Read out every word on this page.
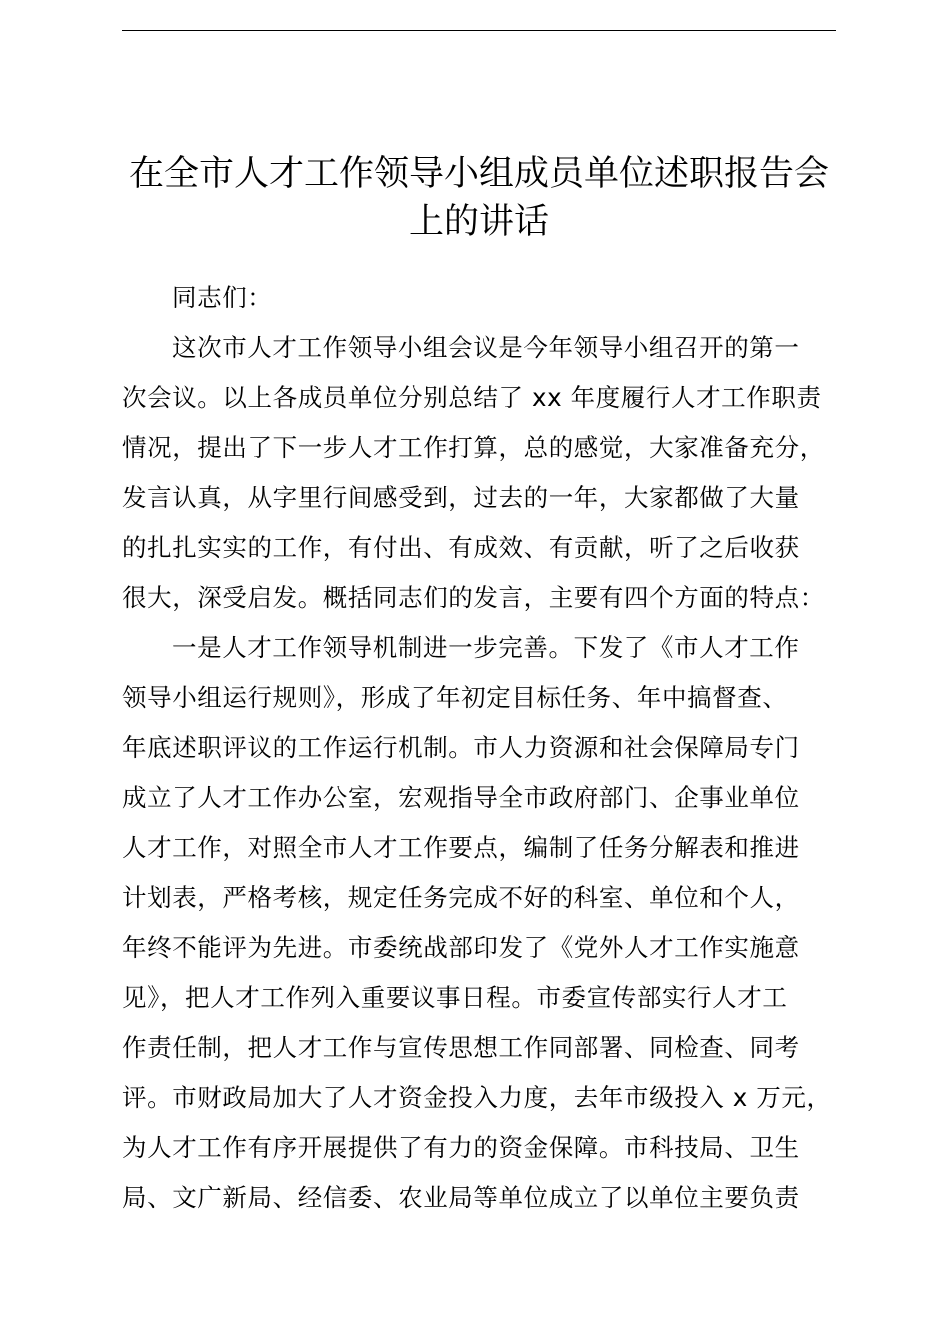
在全市人才工作领导小组成员单位述职报告会
上的讲话
同志们：
这次市人才工作领导小组会议是今年领导小组召开的第一
次会议。以上各成员单位分别总结了 xx 年度履行人才工作职责
情况，提出了下一步人才工作打算，总的感觉，大家准备充分，
发言认真，从字里行间感受到，过去的一年，大家都做了大量
的扎扎实实的工作，有付出、有成效、有贡献，听了之后收获
很大，深受启发。概括同志们的发言，主要有四个方面的特点：
一是人才工作领导机制进一步完善。下发了《市人才工作
领导小组运行规则》，形成了年初定目标任务、年中搞督查、
年底述职评议的工作运行机制。市人力资源和社会保障局专门
成立了人才工作办公室，宏观指导全市政府部门、企事业单位
人才工作，对照全市人才工作要点，编制了任务分解表和推进
计划表，严格考核，规定任务完成不好的科室、单位和个人，
年终不能评为先进。市委统战部印发了《党外人才工作实施意
见》，把人才工作列入重要议事日程。市委宣传部实行人才工
作责任制，把人才工作与宣传思想工作同部署、同检查、同考
评。市财政局加大了人才资金投入力度，去年市级投入 x 万元，
为人才工作有序开展提供了有力的资金保障。市科技局、卫生
局、文广新局、经信委、农业局等单位成立了以单位主要负责
